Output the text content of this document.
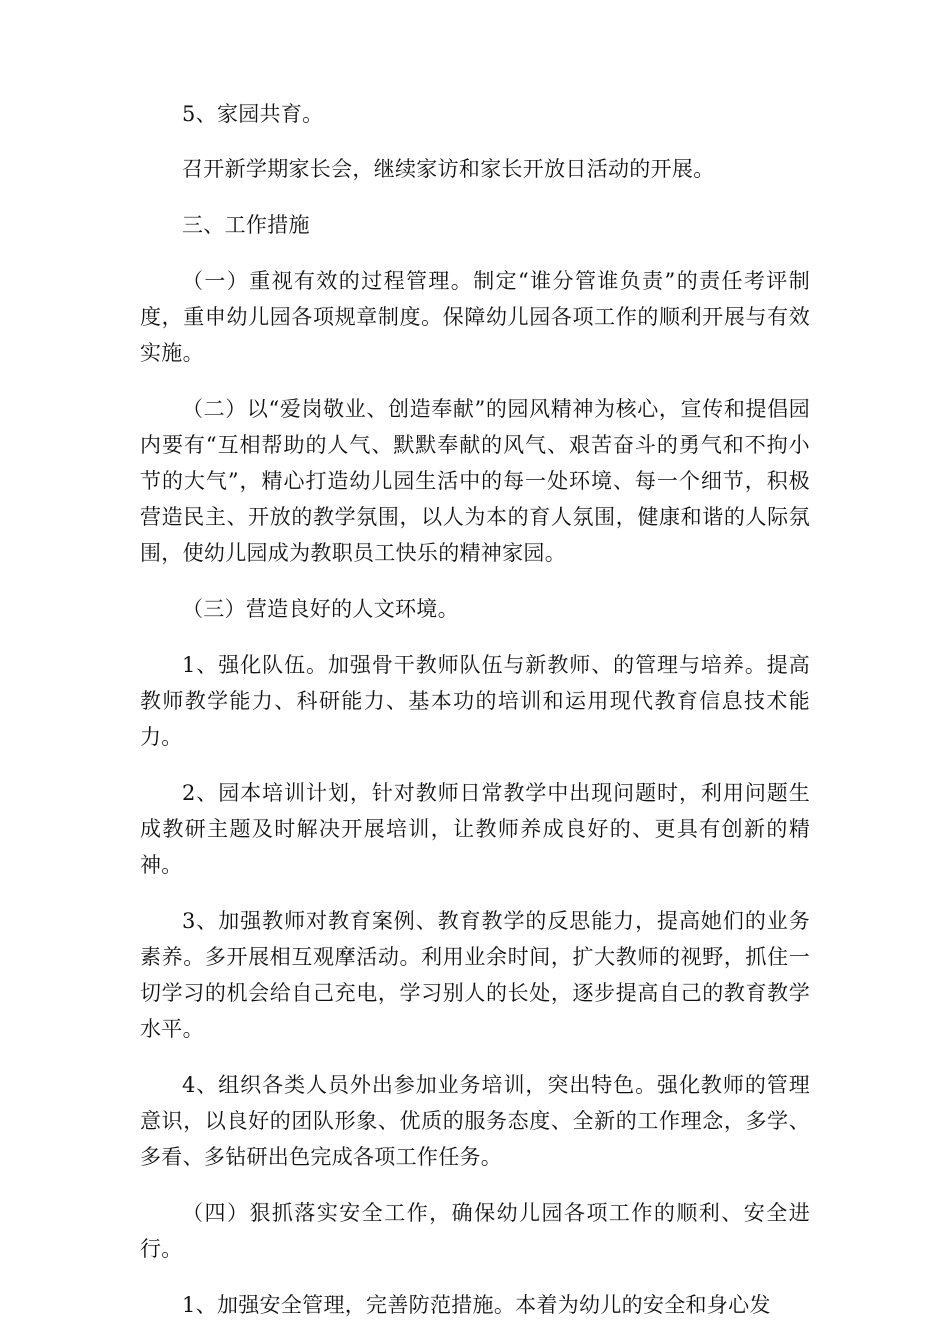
5、家园共育。

召开新学期家长会，继续家访和家长开放日活动的开展。

三、工作措施

（一）重视有效的过程管理。制定“谁分管谁负责”的责任考评制度，重申幼儿园各项规章制度。保障幼儿园各项工作的顺利开展与有效实施。

（二）以“爱岗敬业、创造奉献”的园风精神为核心，宣传和提倡园内要有“互相帮助的人气、默默奉献的风气、艰苦奋斗的勇气和不拘小节的大气”，精心打造幼儿园生活中的每一处环境、每一个细节，积极营造民主、开放的教学氛围，以人为本的育人氛围，健康和谐的人际氛围，使幼儿园成为教职员工快乐的精神家园。

（三）营造良好的人文环境。

1、强化队伍。加强骨干教师队伍与新教师、的管理与培养。提高教师教学能力、科研能力、基本功的培训和运用现代教育信息技术能力。

2、园本培训计划，针对教师日常教学中出现问题时，利用问题生成教研主题及时解决开展培训，让教师养成良好的、更具有创新的精神。

3、加强教师对教育案例、教育教学的反思能力，提高她们的业务素养。多开展相互观摩活动。利用业余时间，扩大教师的视野，抓住一切学习的机会给自己充电，学习别人的长处，逐步提高自己的教育教学水平。

4、组织各类人员外出参加业务培训，突出特色。强化教师的管理意识，以良好的团队形象、优质的服务态度、全新的工作理念，多学、多看、多钻研出色完成各项工作任务。

（四）狠抓落实安全工作，确保幼儿园各项工作的顺利、安全进行。

1、加强安全管理，完善防范措施。本着为幼儿的安全和身心发
